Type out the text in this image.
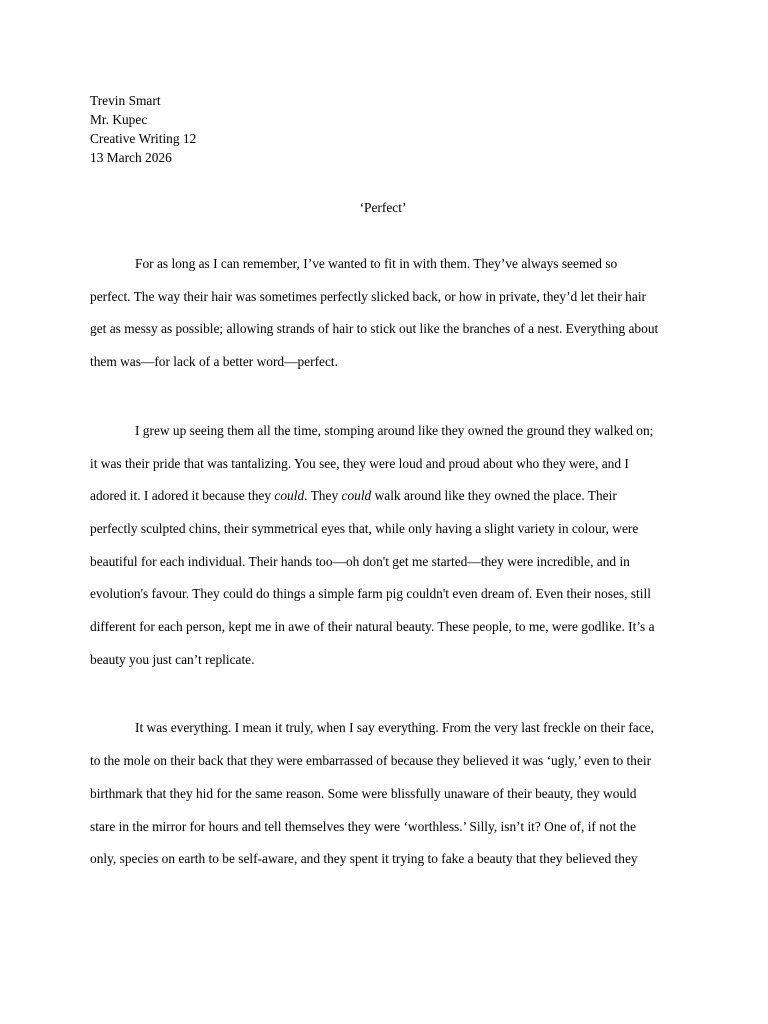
Trevin Smart
Mr. Kupec
Creative Writing 12
13 March 2026
‘Perfect’
For as long as I can remember, I’ve wanted to fit in with them. They’ve always seemed so
perfect. The way their hair was sometimes perfectly slicked back, or how in private, they’d let their hair
get as messy as possible; allowing strands of hair to stick out like the branches of a nest. Everything about
them was—for lack of a better word—perfect.
I grew up seeing them all the time, stomping around like they owned the ground they walked on;
it was their pride that was tantalizing. You see, they were loud and proud about who they were, and I
adored it. I adored it because they could. They could walk around like they owned the place. Their
perfectly sculpted chins, their symmetrical eyes that, while only having a slight variety in colour, were
beautiful for each individual. Their hands too—oh don't get me started—they were incredible, and in
evolution's favour. They could do things a simple farm pig couldn't even dream of. Even their noses, still
different for each person, kept me in awe of their natural beauty. These people, to me, were godlike. It’s a
beauty you just can’t replicate.
It was everything. I mean it truly, when I say everything. From the very last freckle on their face,
to the mole on their back that they were embarrassed of because they believed it was ‘ugly,’ even to their
birthmark that they hid for the same reason. Some were blissfully unaware of their beauty, they would
stare in the mirror for hours and tell themselves they were ‘worthless.’ Silly, isn’t it? One of, if not the
only, species on earth to be self-aware, and they spent it trying to fake a beauty that they believed they
